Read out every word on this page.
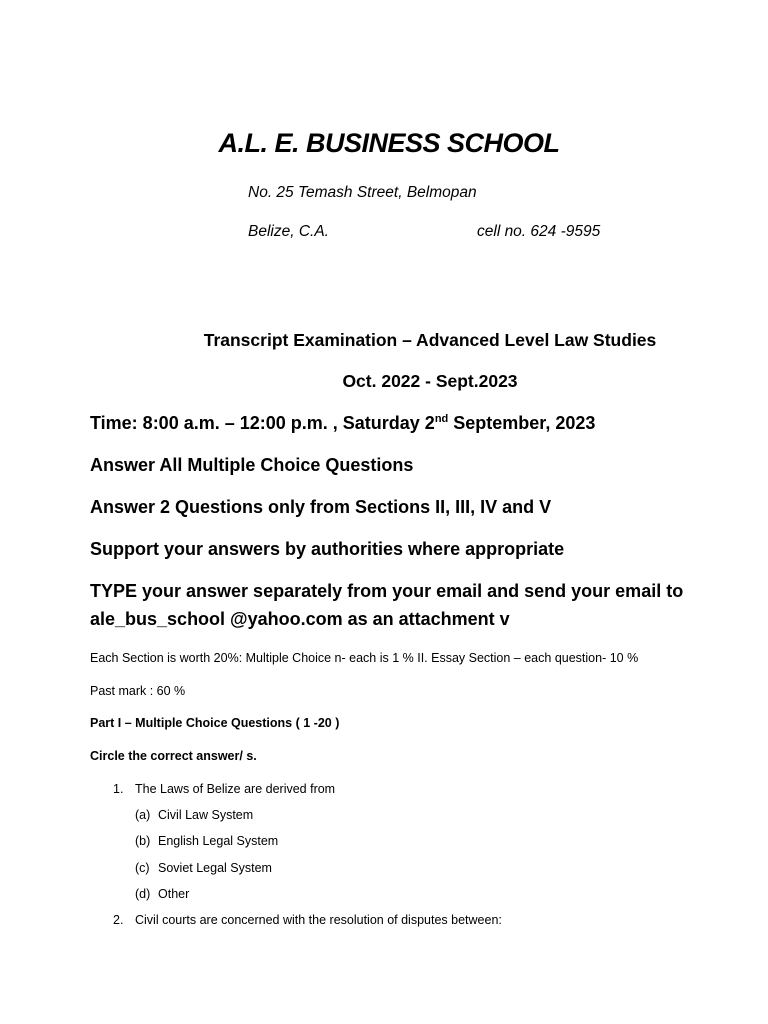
A.L. E. BUSINESS SCHOOL
No. 25 Temash Street, Belmopan
Belize, C.A.	cell no. 624 -9595
Transcript Examination – Advanced Level Law Studies
Oct. 2022 - Sept.2023
Time: 8:00 a.m. – 12:00 p.m. , Saturday 2nd September, 2023
Answer All Multiple Choice Questions
Answer 2 Questions only from Sections II, III, IV and V
Support your answers by authorities where appropriate
TYPE your answer separately from your email and send your email to
ale_bus_school @yahoo.com as an attachment v
Each Section is worth 20%: Multiple Choice n- each is 1 % II. Essay Section – each question- 10 %
Past mark : 60 %
Part I – Multiple Choice Questions ( 1 -20 )
Circle the correct answer/ s.
1. The Laws of Belize are derived from
(a) Civil Law System
(b) English Legal System
(c) Soviet Legal System
(d) Other
2. Civil courts are concerned with the resolution of disputes between:
